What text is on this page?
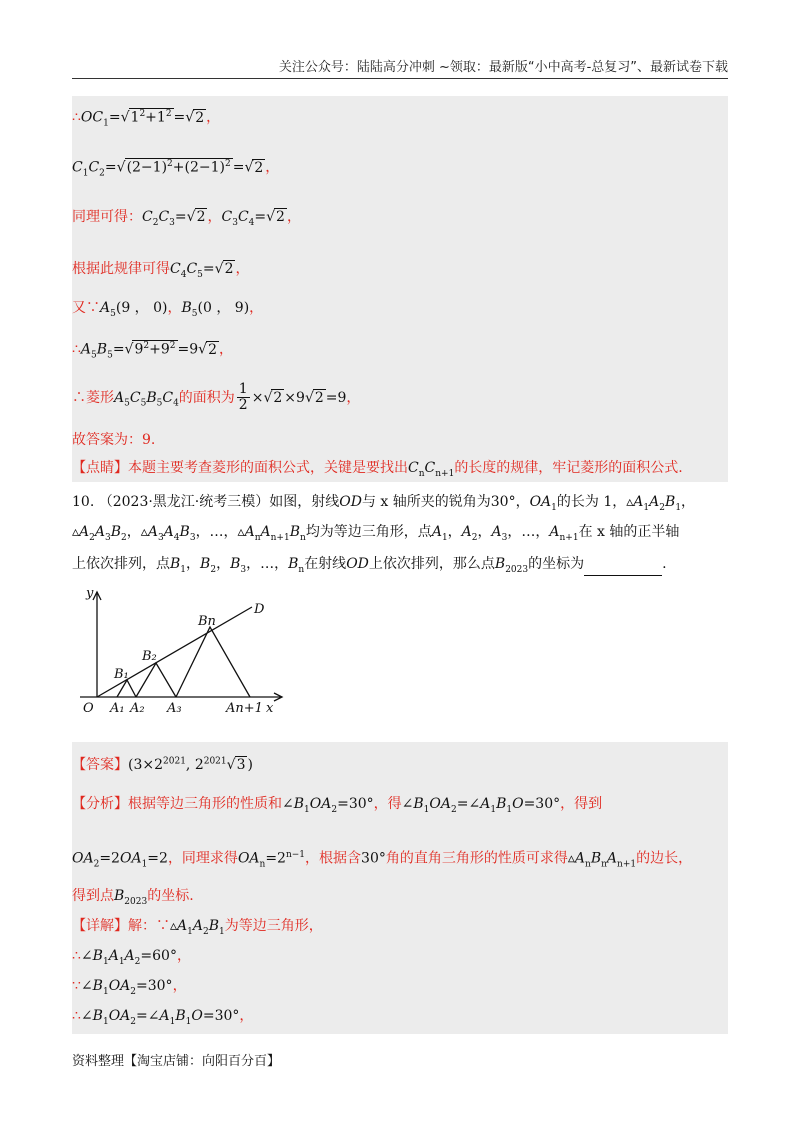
关注公众号：陆陆高分冲刺 ~领取：最新版“小中高考-总复习”、最新试卷下载
$\therefore OC_1=√1^2+1^2 =√2$ ，
$C_1C_2=√(2-1)^2+(2-1)^2 =√2$ ，
同理可得：$C_2C_3=√2$ ，$C_3C_4=√2$ ，
根据此规律可得$C_4C_5=√2$ ，
又$\because A_5(9$ ， 0)，$B_5(0$ ， 9)，
$\therefore A_5B_5=√9^2+9^2 =9√2$ ，
∴菱形$A_5C_5B_5C_4$的面积为 $\frac{1}{2} \times√2 \times 9√2 =9$，
故答案为：9.
【点睛】本题主要考查菱形的面积公式，关键是要找出$C_nC_{n+1}$的长度的规律，牢记菱形的面积公式.
10. （2023·黑龙江·统考三模）如图，射线OD与 x 轴所夹的锐角为30°，$OA_1$的长为 1，$▵A_1A_2B_1$，
$▵A_2A_3B_2$，$▵A_3A_4B_3$，…，$▵A_nA_{n+1}B_n$均为等边三角形，点$A_1$，$A_2$，$A_3$，…，$A_{n+1}$在 x 轴的正半轴
上依次排列，点$B_1$，$B_2$，$B_3$，…，$B_n$在射线OD上依次排列，那么点$B_{2023}$的坐标为	.
y
D
Bn
B₂
B₁
O A₁ A₂ A₃	An+1 x
【答案】($3\times 2^{2021}$, $2^{2021}√3$ )
【分析】根据等边三角形的性质和$\angle B_1OA_2=30^\circ$，得$\angle B_1OA_2=\angle A_1B_1O=30^\circ$，得到
$OA_2=2OA_1=2$，同理求得$OA_n=2^{n-1}$，根据含30°角的直角三角形的性质可求得$▵A_nB_nA_{n+1}$的边长，
得到点$B_{2023}$的坐标.
【详解】解：$\because▵A_1A_2B_1$为等边三角形，
$\therefore\angle B_1A_1A_2=60^\circ$，
$\because\angle B_1OA_2=30^\circ$，
$\therefore\angle B_1OA_2=\angle A_1B_1O=30^\circ$，
资料整理【淘宝店铺：向阳百分百】
